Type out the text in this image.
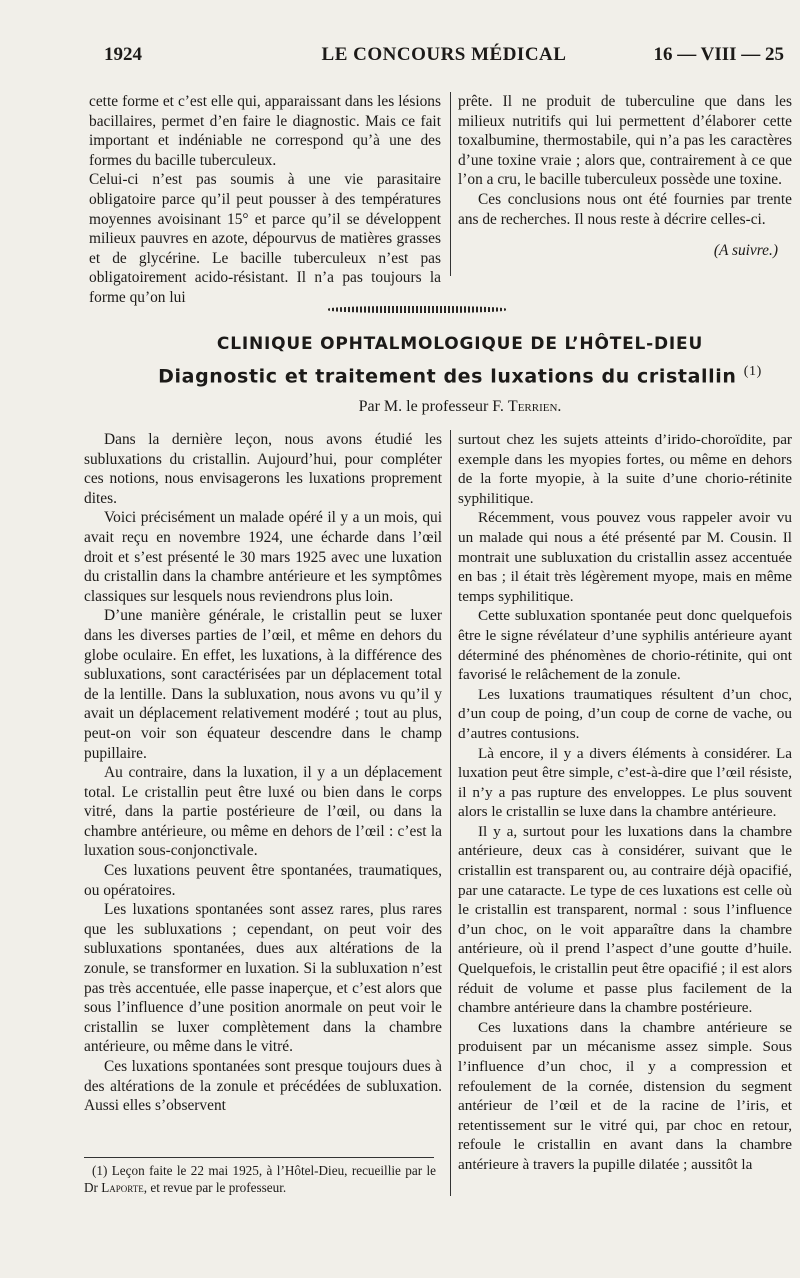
1924	LE CONCOURS MÉDICAL	16 — VIII — 25

cette forme et c’est elle qui, apparaissant dans les lésions bacillaires, permet d’en faire le diagnostic. Mais ce fait important et indéniable ne correspond qu’à une des formes du bacille tuberculeux.

Celui-ci n’est pas soumis à une vie parasitaire obligatoire parce qu’il peut pousser à des températures moyennes avoisinant 15° et parce qu’il se développent milieux pauvres en azote, dépourvus de matières grasses et de glycérine. Le bacille tuberculeux n’est pas obligatoirement acido-résistant. Il n’a pas toujours la forme qu’on lui

prête. Il ne produit de tuberculine que dans les milieux nutritifs qui lui permettent d’élaborer cette toxalbumine, thermostabile, qui n’a pas les caractères d’une toxine vraie ; alors que, contrairement à ce que l’on a cru, le bacille tuberculeux possède une toxine.

Ces conclusions nous ont été fournies par trente ans de recherches. Il nous reste à décrire celles-ci.

(A suivre.)

CLINIQUE OPHTALMOLOGIQUE DE L’HÔTEL-DIEU
Diagnostic et traitement des luxations du cristallin $^{(1)}$
Par M. le professeur F. Terrien.

Dans la dernière leçon, nous avons étudié les subluxations du cristallin. Aujourd’hui, pour compléter ces notions, nous envisagerons les luxations proprement dites.

Voici précisément un malade opéré il y a un mois, qui avait reçu en novembre 1924, une écharde dans l’œil droit et s’est présenté le 30 mars 1925 avec une luxation du cristallin dans la chambre antérieure et les symptômes classiques sur lesquels nous reviendrons plus loin.

D’une manière générale, le cristallin peut se luxer dans les diverses parties de l’œil, et même en dehors du globe oculaire. En effet, les luxations, à la différence des subluxations, sont caractérisées par un déplacement total de la lentille. Dans la subluxation, nous avons vu qu’il y avait un déplacement relativement modéré ; tout au plus, peut-on voir son équateur descendre dans le champ pupillaire.

Au contraire, dans la luxation, il y a un déplacement total. Le cristallin peut être luxé ou bien dans le corps vitré, dans la partie postérieure de l’œil, ou dans la chambre antérieure, ou même en dehors de l’œil : c’est la luxation sous-conjonctivale.

Ces luxations peuvent être spontanées, traumatiques, ou opératoires.

Les luxations spontanées sont assez rares, plus rares que les subluxations ; cependant, on peut voir des subluxations spontanées, dues aux altérations de la zonule, se transformer en luxation. Si la subluxation n’est pas très accentuée, elle passe inaperçue, et c’est alors que sous l’influence d’une position anormale on peut voir le cristallin se luxer complètement dans la chambre antérieure, ou même dans le vitré.

Ces luxations spontanées sont presque toujours dues à des altérations de la zonule et précédées de subluxation. Aussi elles s’observent

surtout chez les sujets atteints d’irido-choroïdite, par exemple dans les myopies fortes, ou même en dehors de la forte myopie, à la suite d’une chorio-rétinite syphilitique.

Récemment, vous pouvez vous rappeler avoir vu un malade qui nous a été présenté par M. Cousin. Il montrait une subluxation du cristallin assez accentuée en bas ; il était très légèrement myope, mais en même temps syphilitique.

Cette subluxation spontanée peut donc quelquefois être le signe révélateur d’une syphilis antérieure ayant déterminé des phénomènes de chorio-rétinite, qui ont favorisé le relâchement de la zonule.

Les luxations traumatiques résultent d’un choc, d’un coup de poing, d’un coup de corne de vache, ou d’autres contusions.

Là encore, il y a divers éléments à considérer. La luxation peut être simple, c’est-à-dire que l’œil résiste, il n’y a pas rupture des enveloppes. Le plus souvent alors le cristallin se luxe dans la chambre antérieure.

Il y a, surtout pour les luxations dans la chambre antérieure, deux cas à considérer, suivant que le cristallin est transparent ou, au contraire déjà opacifié, par une cataracte. Le type de ces luxations est celle où le cristallin est transparent, normal : sous l’influence d’un choc, on le voit apparaître dans la chambre antérieure, où il prend l’aspect d’une goutte d’huile. Quelquefois, le cristallin peut être opacifié ; il est alors réduit de volume et passe plus facilement de la chambre antérieure dans la chambre postérieure.

Ces luxations dans la chambre antérieure se produisent par un mécanisme assez simple. Sous l’influence d’un choc, il y a compression et refoulement de la cornée, distension du segment antérieur de l’œil et de la racine de l’iris, et retentissement sur le vitré qui, par choc en retour, refoule le cristallin en avant dans la chambre antérieure à travers la pupille dilatée ; aussitôt la

(1) Leçon faite le 22 mai 1925, à l’Hôtel-Dieu, recueillie par le Dr Laporte, et revue par le professeur.
